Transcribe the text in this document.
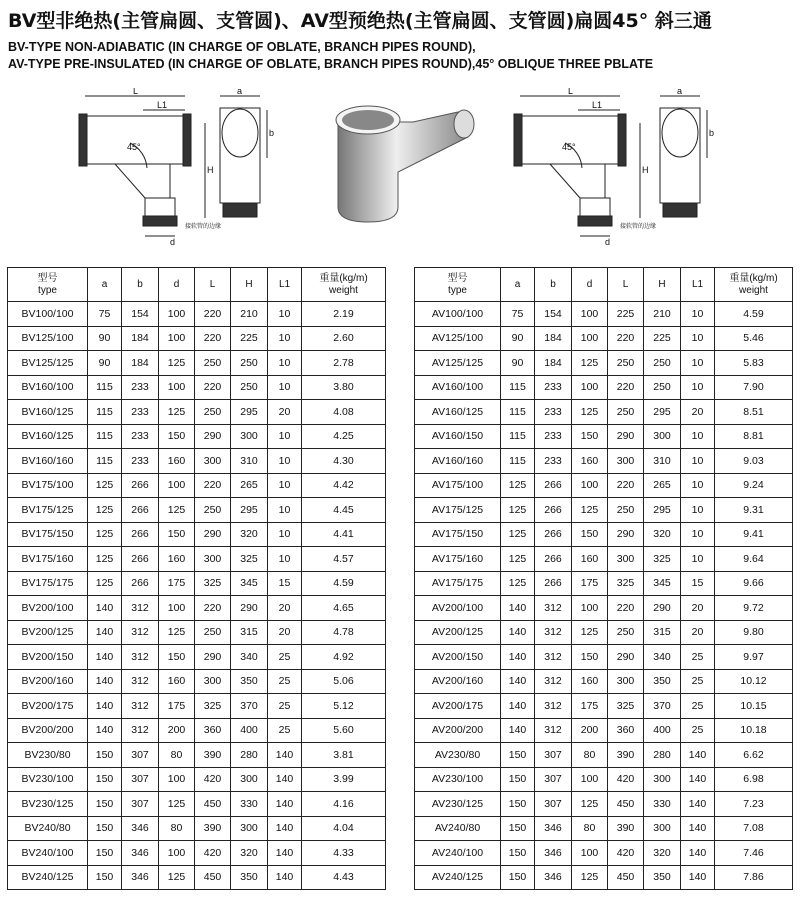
BV型非绝热(主管扁圆、支管圆)、AV型预绝热(主管扁圆、支管圆)扁圆45° 斜三通
BV-TYPE NON-ADIABATIC (IN CHARGE OF OBLATE, BRANCH PIPES ROUND),
AV-TYPE PRE-INSULATED (IN CHARGE OF OBLATE, BRANCH PIPES ROUND),45° OBLIQUE THREE PBLATE
L
L1
45°
H
d
a
b
接软管的边缘
L
L1
45°
H
d
a
b
接软管的边缘
型号
type	a	b	d	L	H	L1	重量(kg/m)
weight
BV100/100	75	154	100	220	210	10	2.19
BV125/100	90	184	100	220	225	10	2.60
BV125/125	90	184	125	250	250	10	2.78
BV160/100	115	233	100	220	250	10	3.80
BV160/125	115	233	125	250	295	20	4.08
BV160/125	115	233	150	290	300	10	4.25
BV160/160	115	233	160	300	310	10	4.30
BV175/100	125	266	100	220	265	10	4.42
BV175/125	125	266	125	250	295	10	4.45
BV175/150	125	266	150	290	320	10	4.41
BV175/160	125	266	160	300	325	10	4.57
BV175/175	125	266	175	325	345	15	4.59
BV200/100	140	312	100	220	290	20	4.65
BV200/125	140	312	125	250	315	20	4.78
BV200/150	140	312	150	290	340	25	4.92
BV200/160	140	312	160	300	350	25	5.06
BV200/175	140	312	175	325	370	25	5.12
BV200/200	140	312	200	360	400	25	5.60
BV230/80	150	307	80	390	280	140	3.81
BV230/100	150	307	100	420	300	140	3.99
BV230/125	150	307	125	450	330	140	4.16
BV240/80	150	346	80	390	300	140	4.04
BV240/100	150	346	100	420	320	140	4.33
BV240/125	150	346	125	450	350	140	4.43
型号
type	a	b	d	L	H	L1	重量(kg/m)
weight
AV100/100	75	154	100	225	210	10	4.59
AV125/100	90	184	100	220	225	10	5.46
AV125/125	90	184	125	250	250	10	5.83
AV160/100	115	233	100	220	250	10	7.90
AV160/125	115	233	125	250	295	20	8.51
AV160/150	115	233	150	290	300	10	8.81
AV160/160	115	233	160	300	310	10	9.03
AV175/100	125	266	100	220	265	10	9.24
AV175/125	125	266	125	250	295	10	9.31
AV175/150	125	266	150	290	320	10	9.41
AV175/160	125	266	160	300	325	10	9.64
AV175/175	125	266	175	325	345	15	9.66
AV200/100	140	312	100	220	290	20	9.72
AV200/125	140	312	125	250	315	20	9.80
AV200/150	140	312	150	290	340	25	9.97
AV200/160	140	312	160	300	350	25	10.12
AV200/175	140	312	175	325	370	25	10.15
AV200/200	140	312	200	360	400	25	10.18
AV230/80	150	307	80	390	280	140	6.62
AV230/100	150	307	100	420	300	140	6.98
AV230/125	150	307	125	450	330	140	7.23
AV240/80	150	346	80	390	300	140	7.08
AV240/100	150	346	100	420	320	140	7.46
AV240/125	150	346	125	450	350	140	7.86
